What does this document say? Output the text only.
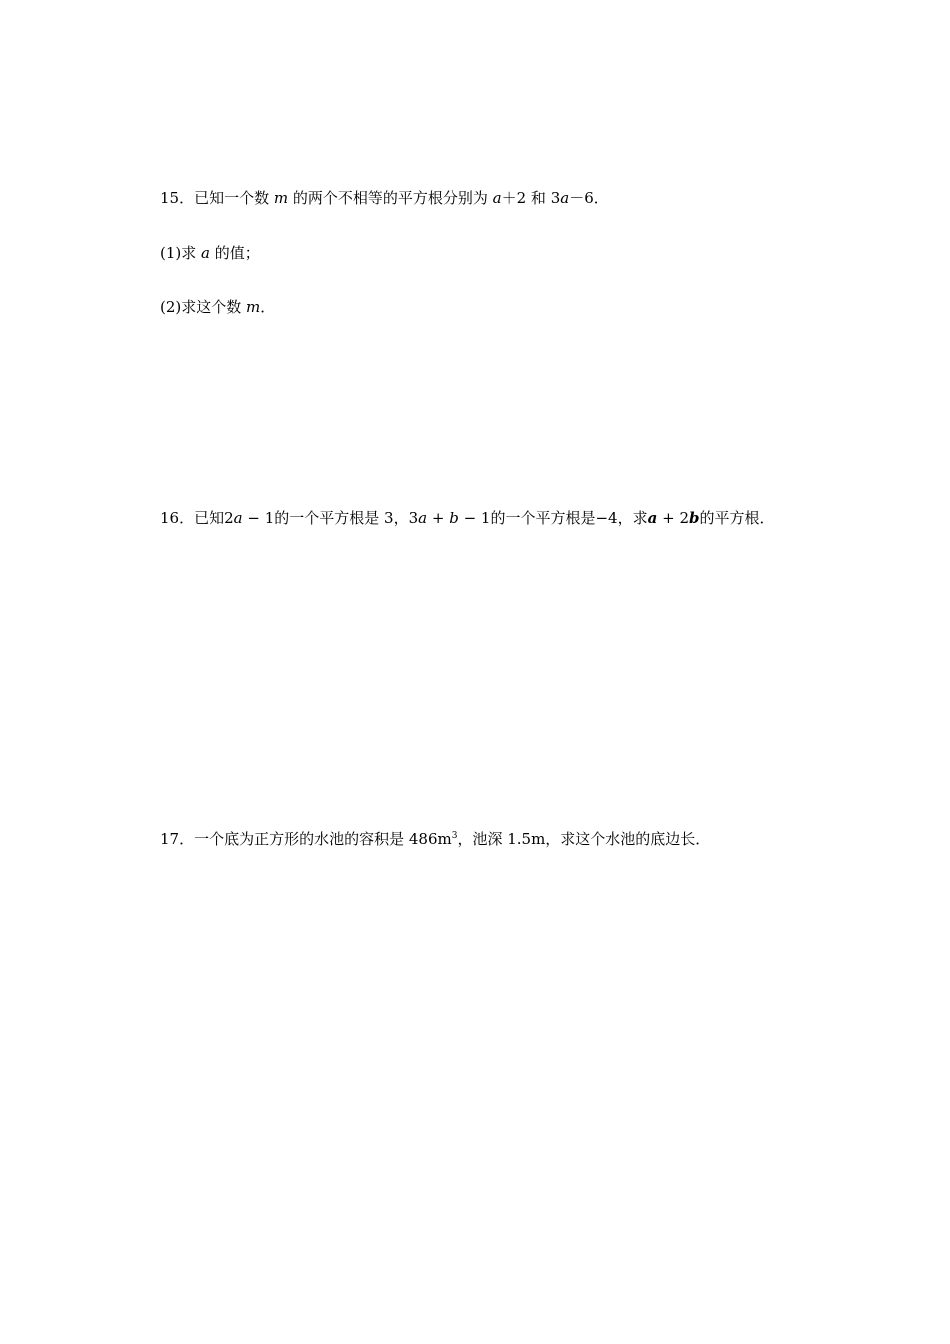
15．已知一个数 m 的两个不相等的平方根分别为 a＋2 和 3a－6．
(1)求 a 的值；
(2)求这个数 m．
16．已知2a − 1的一个平方根是 3，3a + b − 1的一个平方根是−4，求a + 2b的平方根．
17．一个底为正方形的水池的容积是 $486m^3$，池深 1.5m，求这个水池的底边长．
